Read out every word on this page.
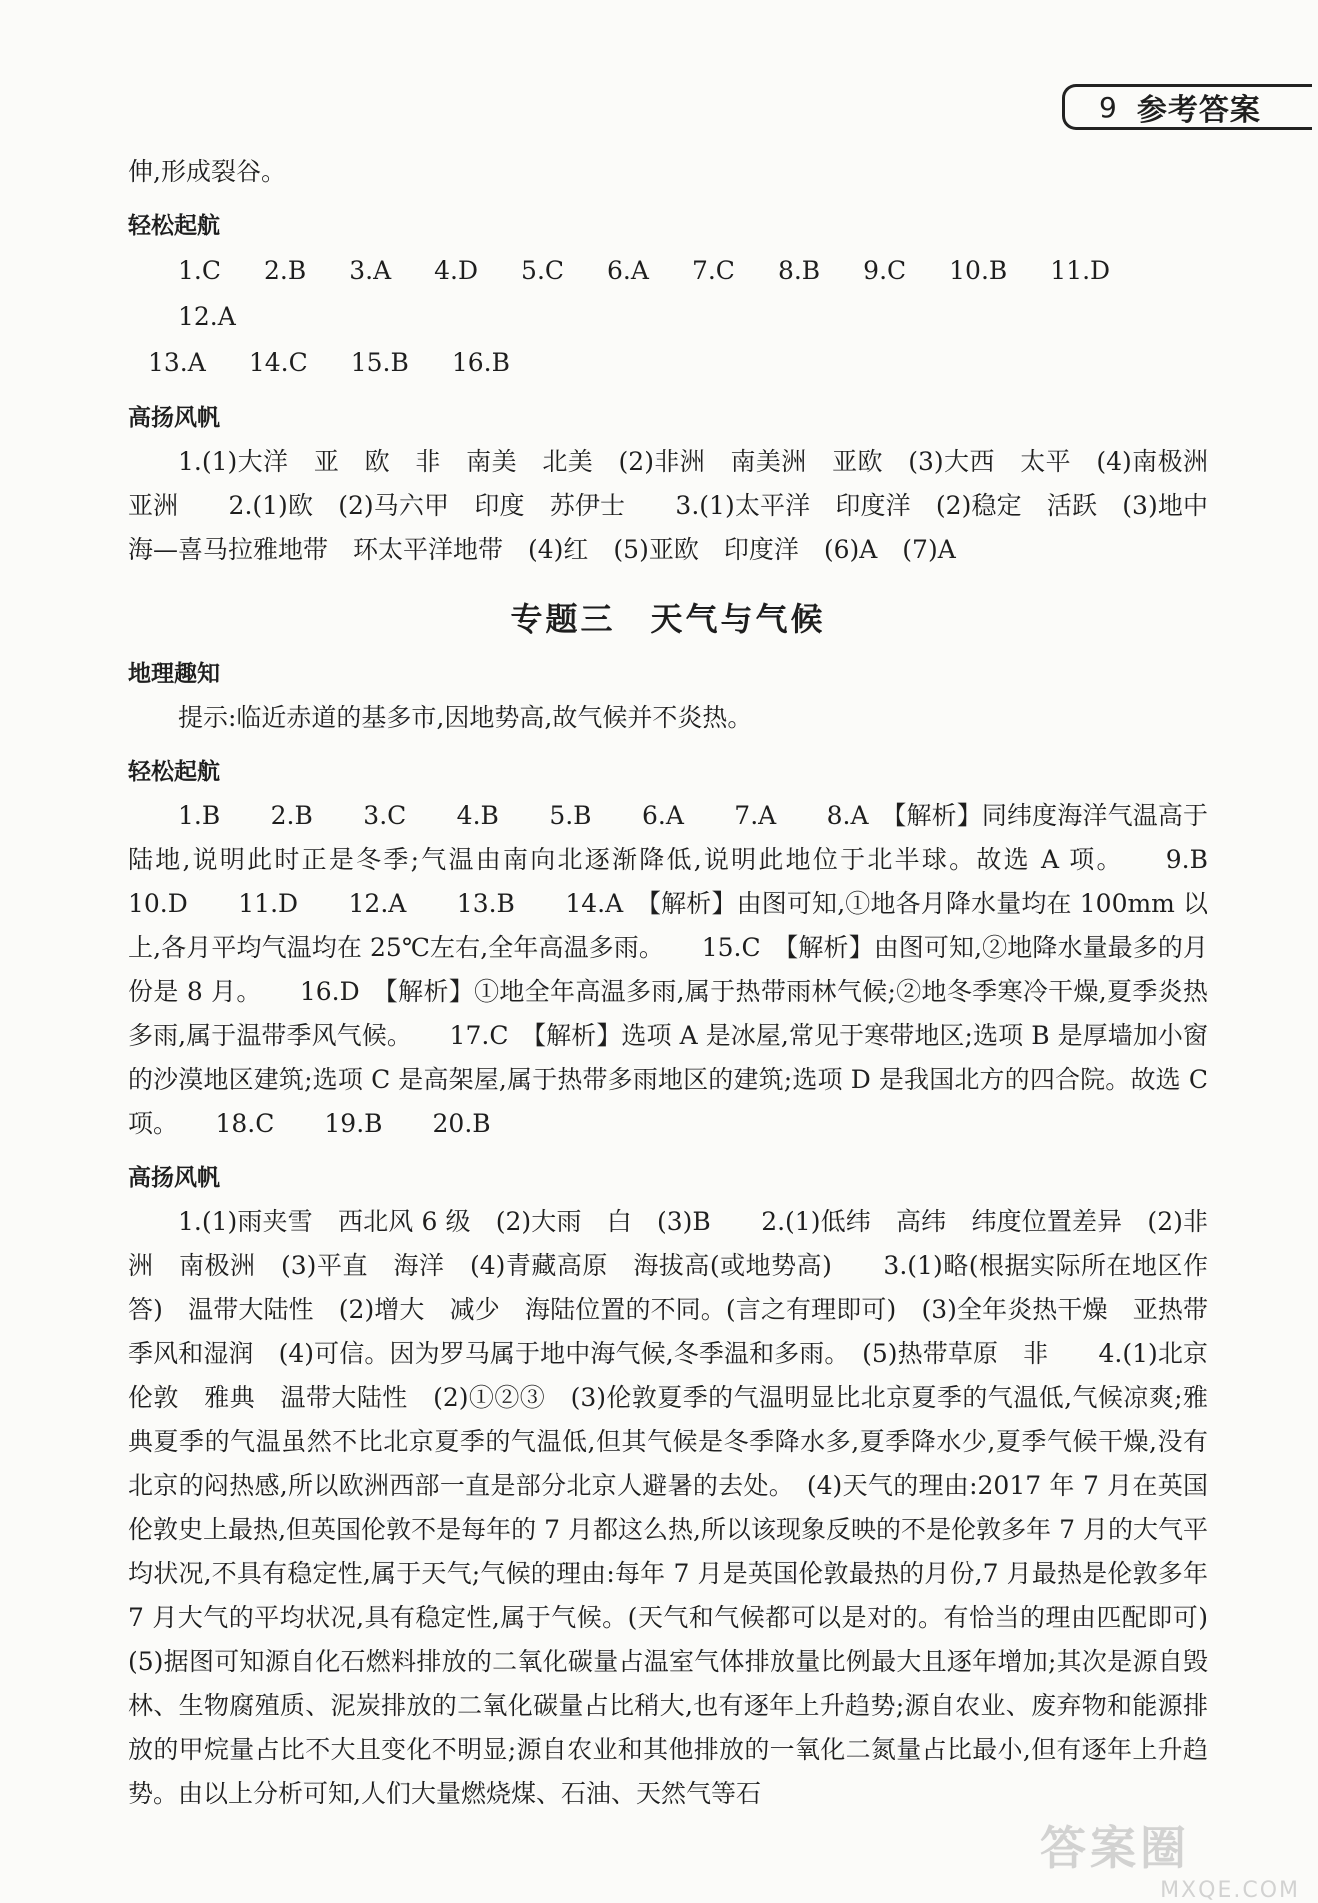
9 参考答案

伸,形成裂谷。

轻松起航
1.C 2.B 3.A 4.D 5.C 6.A 7.C 8.B 9.C 10.B 11.D12.A
13.A 14.C 15.B 16.B
高扬风帆

1.(1)大洋　亚　欧　非　南美　北美　(2)非洲　南美洲　亚欧　(3)大西　太平　(4)南极洲　亚洲　　2.(1)欧　(2)马六甲　印度　苏伊士　　3.(1)太平洋　印度洋　(2)稳定　活跃　(3)地中海—喜马拉雅地带　环太平洋地带　(4)红　(5)亚欧　印度洋　(6)A　(7)A

专题三　天气与气候
地理趣知

提示:临近赤道的基多市,因地势高,故气候并不炎热。

轻松起航

1.B　　2.B　　3.C　　4.B　　5.B　　6.A　　7.A　　8.A　【解析】同纬度海洋气温高于陆地,说明此时正是冬季;气温由南向北逐渐降低,说明此地位于北半球。故选 A 项。　　9.B　　10.D　　11.D　　12.A　　13.B　　14.A　【解析】由图可知,①地各月降水量均在 100mm 以上,各月平均气温均在 25℃左右,全年高温多雨。　　15.C　【解析】由图可知,②地降水量最多的月份是 8 月。　　16.D　【解析】①地全年高温多雨,属于热带雨林气候;②地冬季寒冷干燥,夏季炎热多雨,属于温带季风气候。　　17.C　【解析】选项 A 是冰屋,常见于寒带地区;选项 B 是厚墙加小窗的沙漠地区建筑;选项 C 是高架屋,属于热带多雨地区的建筑;选项 D 是我国北方的四合院。故选 C 项。　　18.C　　19.B　　20.B

高扬风帆

1.(1)雨夹雪　西北风 6 级　(2)大雨　白　(3)B　　2.(1)低纬　高纬　纬度位置差异　(2)非洲　南极洲　(3)平直　海洋　(4)青藏高原　海拔高(或地势高)　　3.(1)略(根据实际所在地区作答)　温带大陆性　(2)增大　减少　海陆位置的不同。(言之有理即可)　(3)全年炎热干燥　亚热带季风和湿润　(4)可信。因为罗马属于地中海气候,冬季温和多雨。　(5)热带草原　非　　4.(1)北京　伦敦　雅典　温带大陆性　(2)①②③　(3)伦敦夏季的气温明显比北京夏季的气温低,气候凉爽;雅典夏季的气温虽然不比北京夏季的气温低,但其气候是冬季降水多,夏季降水少,夏季气候干燥,没有北京的闷热感,所以欧洲西部一直是部分北京人避暑的去处。　(4)天气的理由:2017 年 7 月在英国伦敦史上最热,但英国伦敦不是每年的 7 月都这么热,所以该现象反映的不是伦敦多年 7 月的大气平均状况,不具有稳定性,属于天气;气候的理由:每年 7 月是英国伦敦最热的月份,7 月最热是伦敦多年 7 月大气的平均状况,具有稳定性,属于气候。(天气和气候都可以是对的。有恰当的理由匹配即可)　(5)据图可知源自化石燃料排放的二氧化碳量占温室气体排放量比例最大且逐年增加;其次是源自毁林、生物腐殖质、泥炭排放的二氧化碳量占比稍大,也有逐年上升趋势;源自农业、废弃物和能源排放的甲烷量占比不大且变化不明显;源自农业和其他排放的一氧化二氮量占比最小,但有逐年上升趋势。由以上分析可知,人们大量燃烧煤、石油、天然气等石

答案圈
MXQE.COM
